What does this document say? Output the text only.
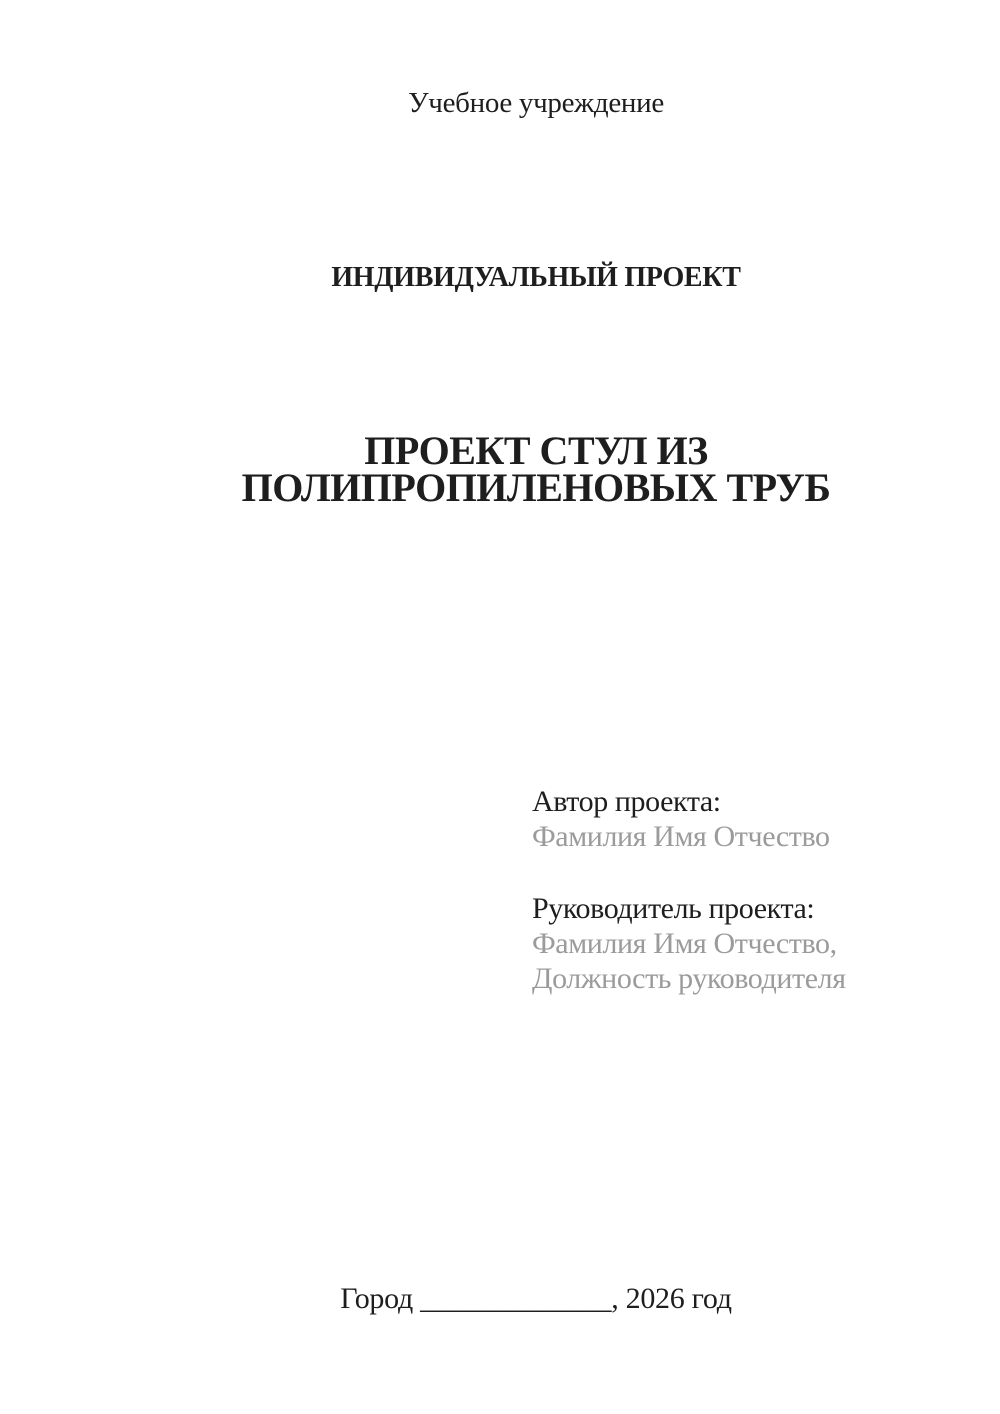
Учебное учреждение
ИНДИВИДУАЛЬНЫЙ ПРОЕКТ
ПРОЕКТ СТУЛ ИЗ
ПОЛИПРОПИЛЕНОВЫХ ТРУБ
Автор проекта:
Фамилия Имя Отчество
Руководитель проекта:
Фамилия Имя Отчество,
Должность руководителя
Город _____________, 2026 год
